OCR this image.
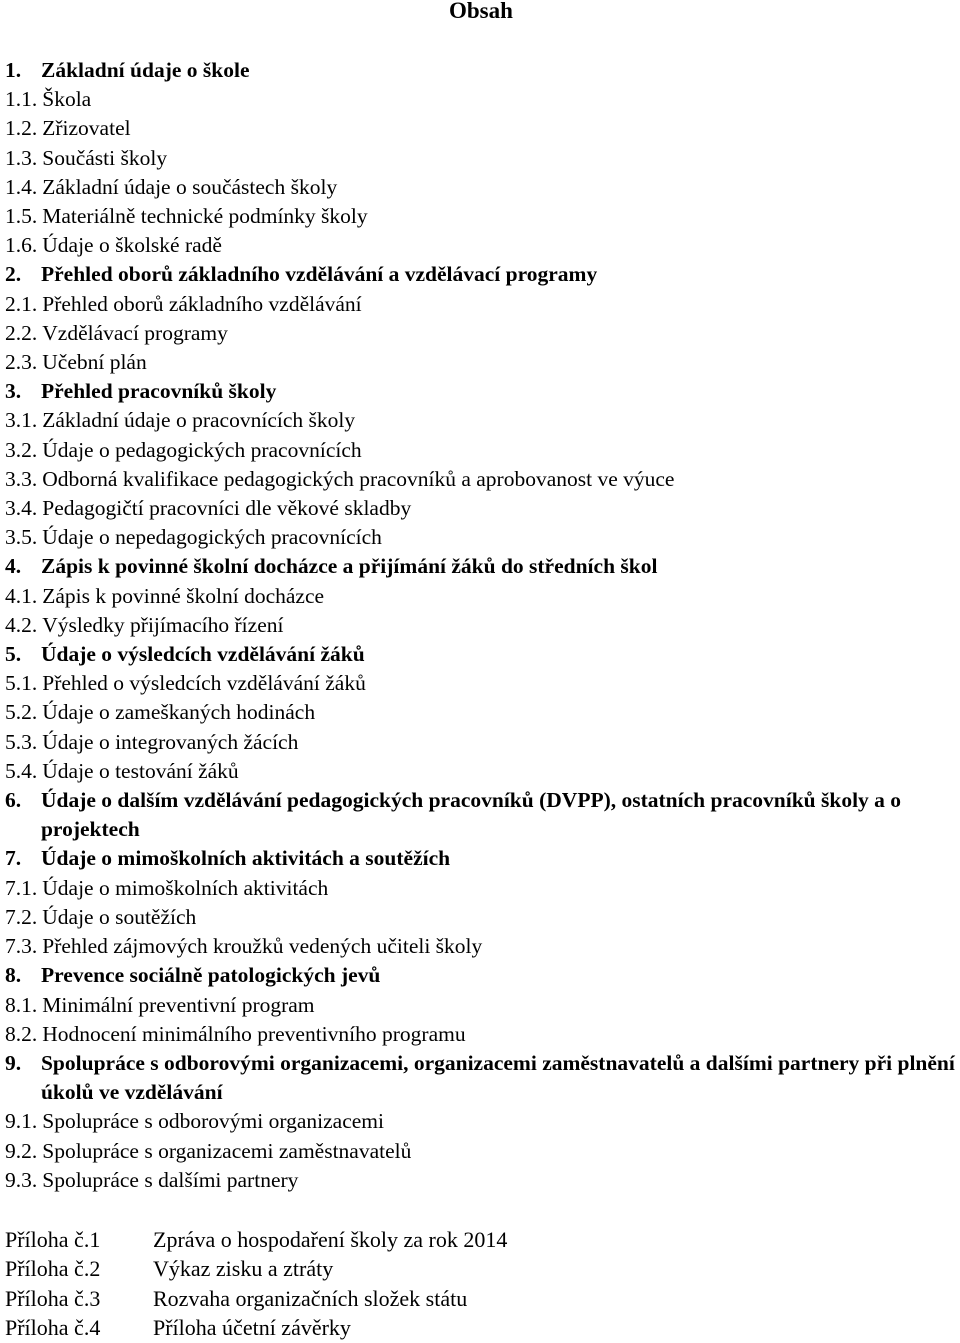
Obsah
1. Základní údaje o škole
1.1. Škola
1.2. Zřizovatel
1.3. Součásti školy
1.4. Základní údaje o součástech školy
1.5. Materiálně technické podmínky školy
1.6. Údaje o školské radě
2. Přehled oborů základního vzdělávání a vzdělávací programy
2.1. Přehled oborů základního vzdělávání
2.2. Vzdělávací programy
2.3. Učební plán
3. Přehled pracovníků školy
3.1. Základní údaje o pracovnících školy
3.2. Údaje o pedagogických pracovnících
3.3. Odborná kvalifikace pedagogických pracovníků a aprobovanost ve výuce
3.4. Pedagogičtí pracovníci dle věkové skladby
3.5. Údaje o nepedagogických pracovnících
4. Zápis k povinné školní docházce a přijímání žáků do středních škol
4.1. Zápis k povinné školní docházce
4.2. Výsledky přijímacího řízení
5. Údaje o výsledcích vzdělávání žáků
5.1. Přehled o výsledcích vzdělávání žáků
5.2. Údaje o zameškaných hodinách
5.3. Údaje o integrovaných žácích
5.4. Údaje o testování žáků
6. Údaje o dalším vzdělávání pedagogických pracovníků (DVPP), ostatních pracovníků školy a o projektech
7. Údaje o mimoškolních aktivitách a soutěžích
7.1. Údaje o mimoškolních aktivitách
7.2. Údaje o soutěžích
7.3. Přehled zájmových kroužků vedených učiteli školy
8. Prevence sociálně patologických jevů
8.1. Minimální preventivní program
8.2. Hodnocení minimálního preventivního programu
9. Spolupráce s odborovými organizacemi, organizacemi zaměstnavatelů a dalšími partnery při plnění úkolů ve vzdělávání
9.1. Spolupráce s odborovými organizacemi
9.2. Spolupráce s organizacemi zaměstnavatelů
9.3. Spolupráce s dalšími partnery
Příloha č.1	Zpráva o hospodaření školy za rok 2014
Příloha č.2	Výkaz zisku a ztráty
Příloha č.3	Rozvaha organizačních složek státu
Příloha č.4	Příloha účetní závěrky
